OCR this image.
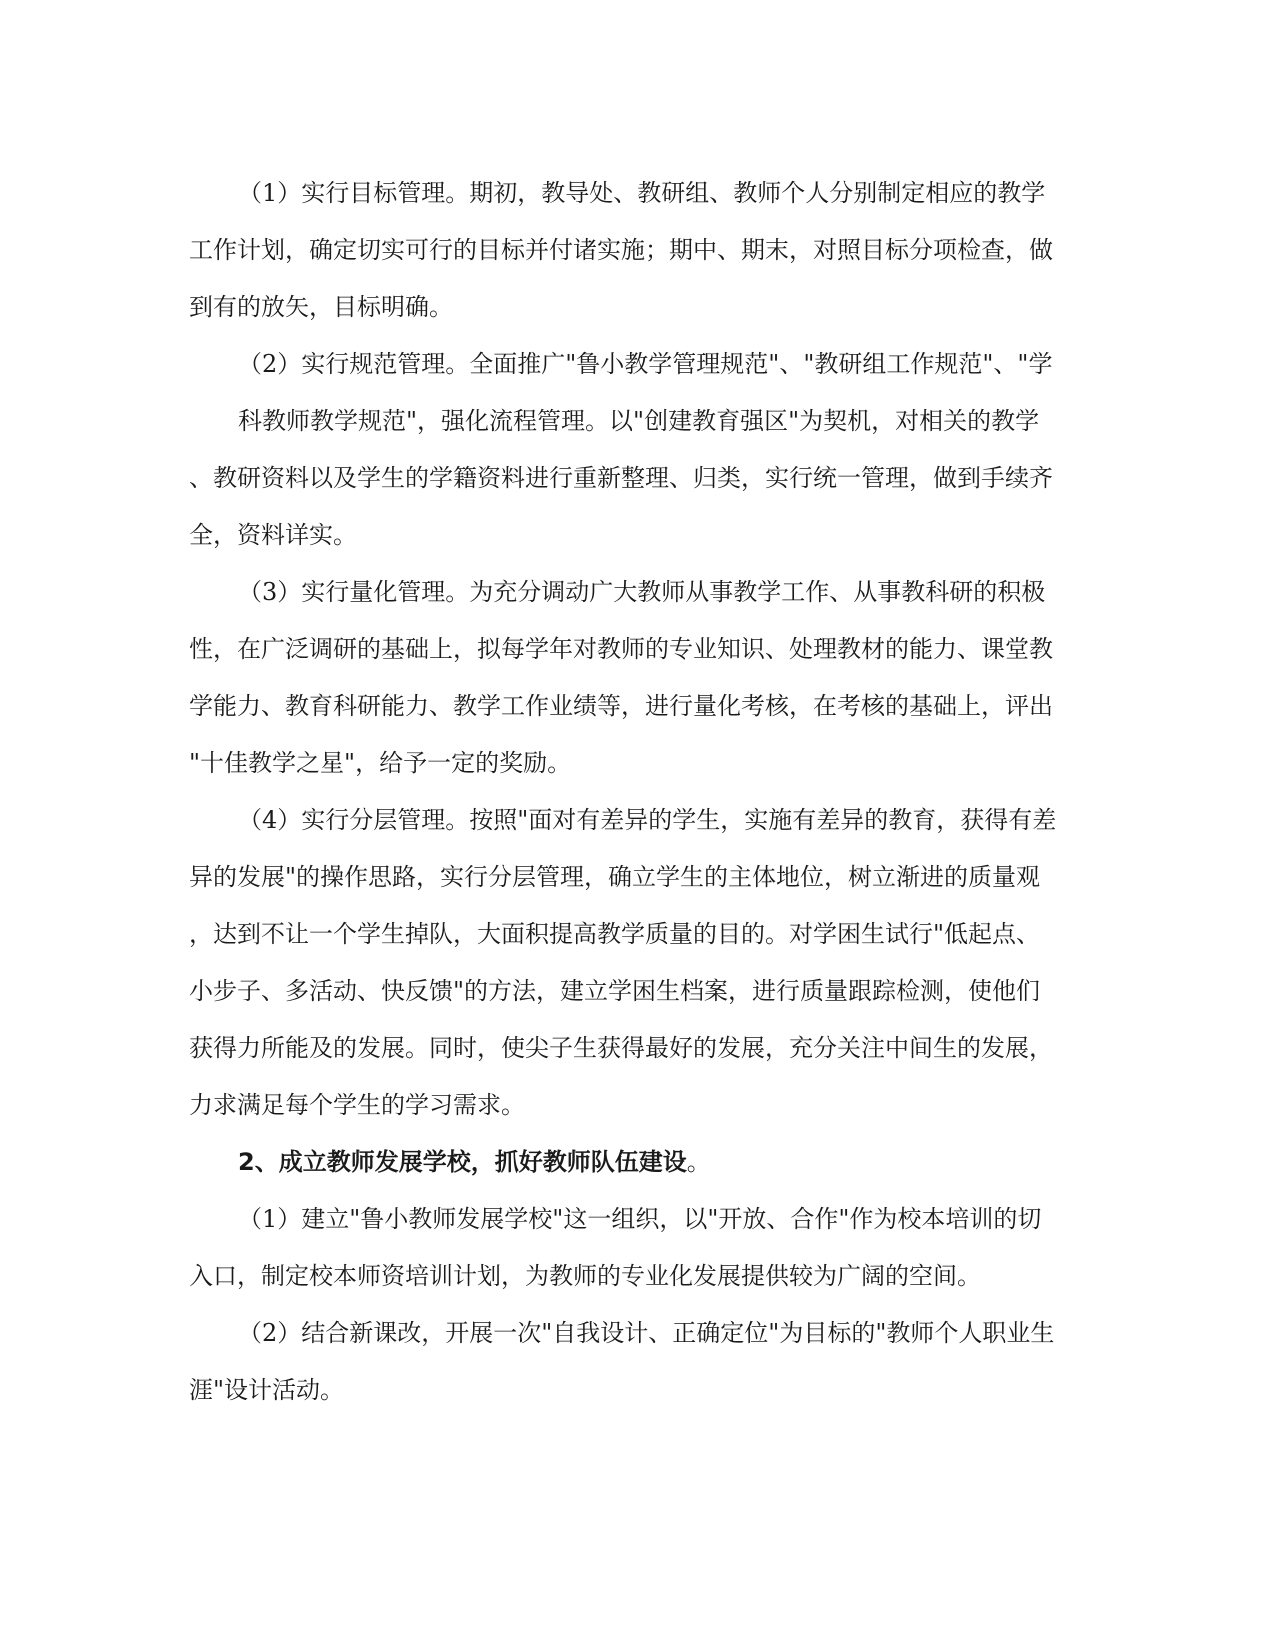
（1）实行目标管理。期初，教导处、教研组、教师个人分别制定相应的教学
工作计划，确定切实可行的目标并付诸实施；期中、期末，对照目标分项检查，做
到有的放矢，目标明确。
（2）实行规范管理。全面推广"鲁小教学管理规范"、"教研组工作规范"、"学
科教师教学规范"，强化流程管理。以"创建教育强区"为契机，对相关的教学
、教研资料以及学生的学籍资料进行重新整理、归类，实行统一管理，做到手续齐
全，资料详实。
（3）实行量化管理。为充分调动广大教师从事教学工作、从事教科研的积极
性，在广泛调研的基础上，拟每学年对教师的专业知识、处理教材的能力、课堂教
学能力、教育科研能力、教学工作业绩等，进行量化考核，在考核的基础上，评出
"十佳教学之星"，给予一定的奖励。
（4）实行分层管理。按照"面对有差异的学生，实施有差异的教育，获得有差
异的发展"的操作思路，实行分层管理，确立学生的主体地位，树立渐进的质量观
，达到不让一个学生掉队，大面积提高教学质量的目的。对学困生试行"低起点、
小步子、多活动、快反馈"的方法，建立学困生档案，进行质量跟踪检测，使他们
获得力所能及的发展。同时，使尖子生获得最好的发展，充分关注中间生的发展，
力求满足每个学生的学习需求。
2、成立教师发展学校，抓好教师队伍建设。
（1）建立"鲁小教师发展学校"这一组织，以"开放、合作"作为校本培训的切
入口，制定校本师资培训计划，为教师的专业化发展提供较为广阔的空间。
（2）结合新课改，开展一次"自我设计、正确定位"为目标的"教师个人职业生
涯"设计活动。
